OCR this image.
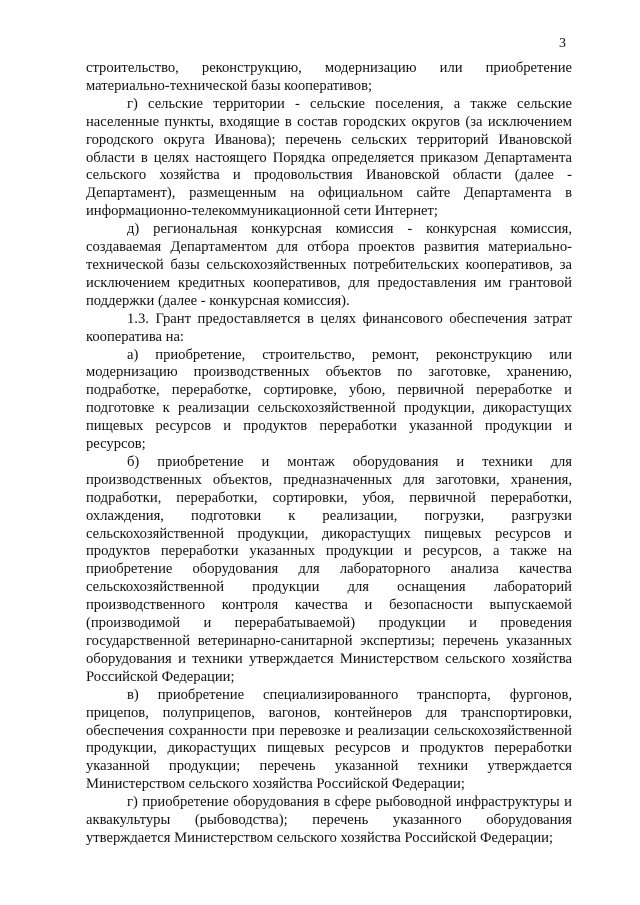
3

строительство, реконструкцию, модернизацию или приобретение материально-технической базы кооперативов;

г) сельские территории - сельские поселения, а также сельские населенные пункты, входящие в состав городских округов (за исключением городского округа Иванова); перечень сельских территорий Ивановской области в целях настоящего Порядка определяется приказом Департамента сельского хозяйства и продовольствия Ивановской области (далее - Департамент), размещенным на официальном сайте Департамента в информационно-телекоммуникационной сети Интернет;

д) региональная конкурсная комиссия - конкурсная комиссия, создаваемая Департаментом для отбора проектов развития материально-технической базы сельскохозяйственных потребительских кооперативов, за исключением кредитных кооперативов, для предоставления им грантовой поддержки (далее - конкурсная комиссия).

1.3. Грант предоставляется в целях финансового обеспечения затрат кооператива на:

а) приобретение, строительство, ремонт, реконструкцию или модернизацию производственных объектов по заготовке, хранению, подработке, переработке, сортировке, убою, первичной переработке и подготовке к реализации сельскохозяйственной продукции, дикорастущих пищевых ресурсов и продуктов переработки указанной продукции и ресурсов;

б) приобретение и монтаж оборудования и техники для производственных объектов, предназначенных для заготовки, хранения, подработки, переработки, сортировки, убоя, первичной переработки, охлаждения, подготовки к реализации, погрузки, разгрузки сельскохозяйственной продукции, дикорастущих пищевых ресурсов и продуктов переработки указанных продукции и ресурсов, а также на приобретение оборудования для лабораторного анализа качества сельскохозяйственной продукции для оснащения лабораторий производственного контроля качества и безопасности выпускаемой (производимой и перерабатываемой) продукции и проведения государственной ветеринарно-санитарной экспертизы; перечень указанных оборудования и техники утверждается Министерством сельского хозяйства Российской Федерации;

в) приобретение специализированного транспорта, фургонов, прицепов, полуприцепов, вагонов, контейнеров для транспортировки, обеспечения сохранности при перевозке и реализации сельскохозяйственной продукции, дикорастущих пищевых ресурсов и продуктов переработки указанной продукции; перечень указанной техники утверждается Министерством сельского хозяйства Российской Федерации;

г) приобретение оборудования в сфере рыбоводной инфраструктуры и аквакультуры (рыбоводства); перечень указанного оборудования утверждается Министерством сельского хозяйства Российской Федерации;
